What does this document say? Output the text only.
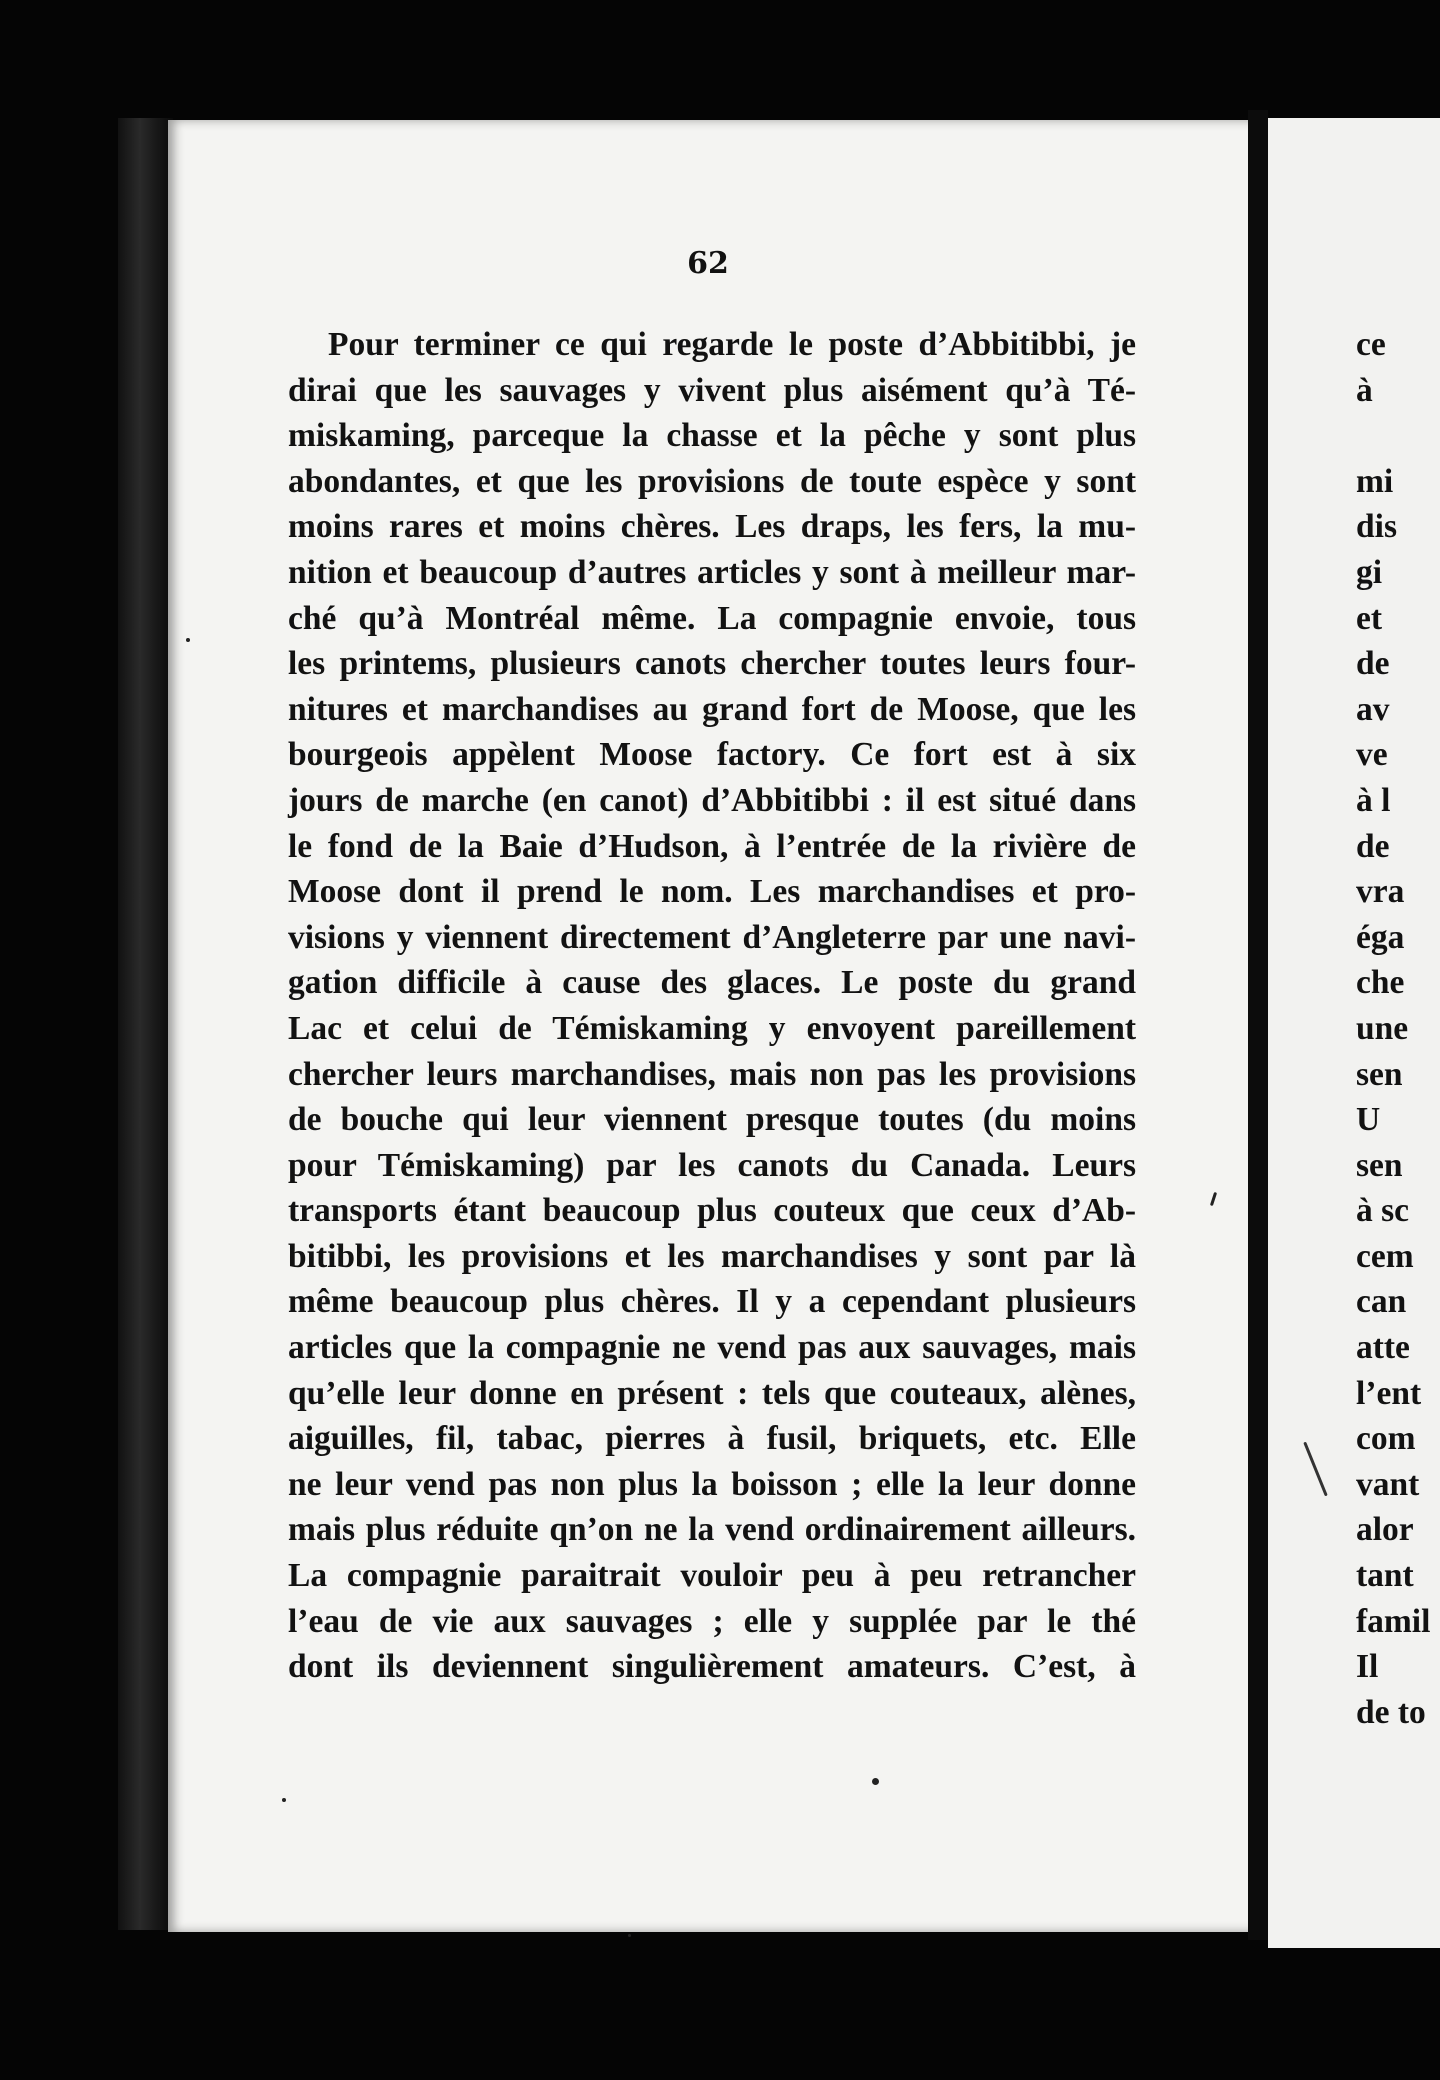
62
Pour terminer ce qui regarde le poste d’Abbitibbi, je
dirai que les sauvages y vivent plus aisément qu’à Té-
miskaming, parceque la chasse et la pêche y sont plus
abondantes, et que les provisions de toute espèce y sont
moins rares et moins chères. Les draps, les fers, la mu-
nition et beaucoup d’autres articles y sont à meilleur mar-
ché qu’à Montréal même. La compagnie envoie, tous
les printems, plusieurs canots chercher toutes leurs four-
nitures et marchandises au grand fort de Moose, que les
bourgeois appèlent Moose factory. Ce fort est à six
jours de marche (en canot) d’Abbitibbi : il est situé dans
le fond de la Baie d’Hudson, à l’entrée de la rivière de
Moose dont il prend le nom. Les marchandises et pro-
visions y viennent directement d’Angleterre par une navi-
gation difficile à cause des glaces. Le poste du grand
Lac et celui de Témiskaming y envoyent pareillement
chercher leurs marchandises, mais non pas les provisions
de bouche qui leur viennent presque toutes (du moins
pour Témiskaming) par les canots du Canada. Leurs
transports étant beaucoup plus couteux que ceux d’Ab-
bitibbi, les provisions et les marchandises y sont par là
même beaucoup plus chères. Il y a cependant plusieurs
articles que la compagnie ne vend pas aux sauvages, mais
qu’elle leur donne en présent : tels que couteaux, alènes,
aiguilles, fil, tabac, pierres à fusil, briquets, etc. Elle
ne leur vend pas non plus la boisson ; elle la leur donne
mais plus réduite qn’on ne la vend ordinairement ailleurs.
La compagnie paraitrait vouloir peu à peu retrancher
l’eau de vie aux sauvages ; elle y supplée par le thé
dont ils deviennent singulièrement amateurs. C’est, à
ce
à
mi
dis
gi
et
de
av
ve
à l
de
vra
éga
che
une
sen
U
sen
à sc
cem
can
atte
l’ent
com
vant
alor
tant
famil
Il
de to
